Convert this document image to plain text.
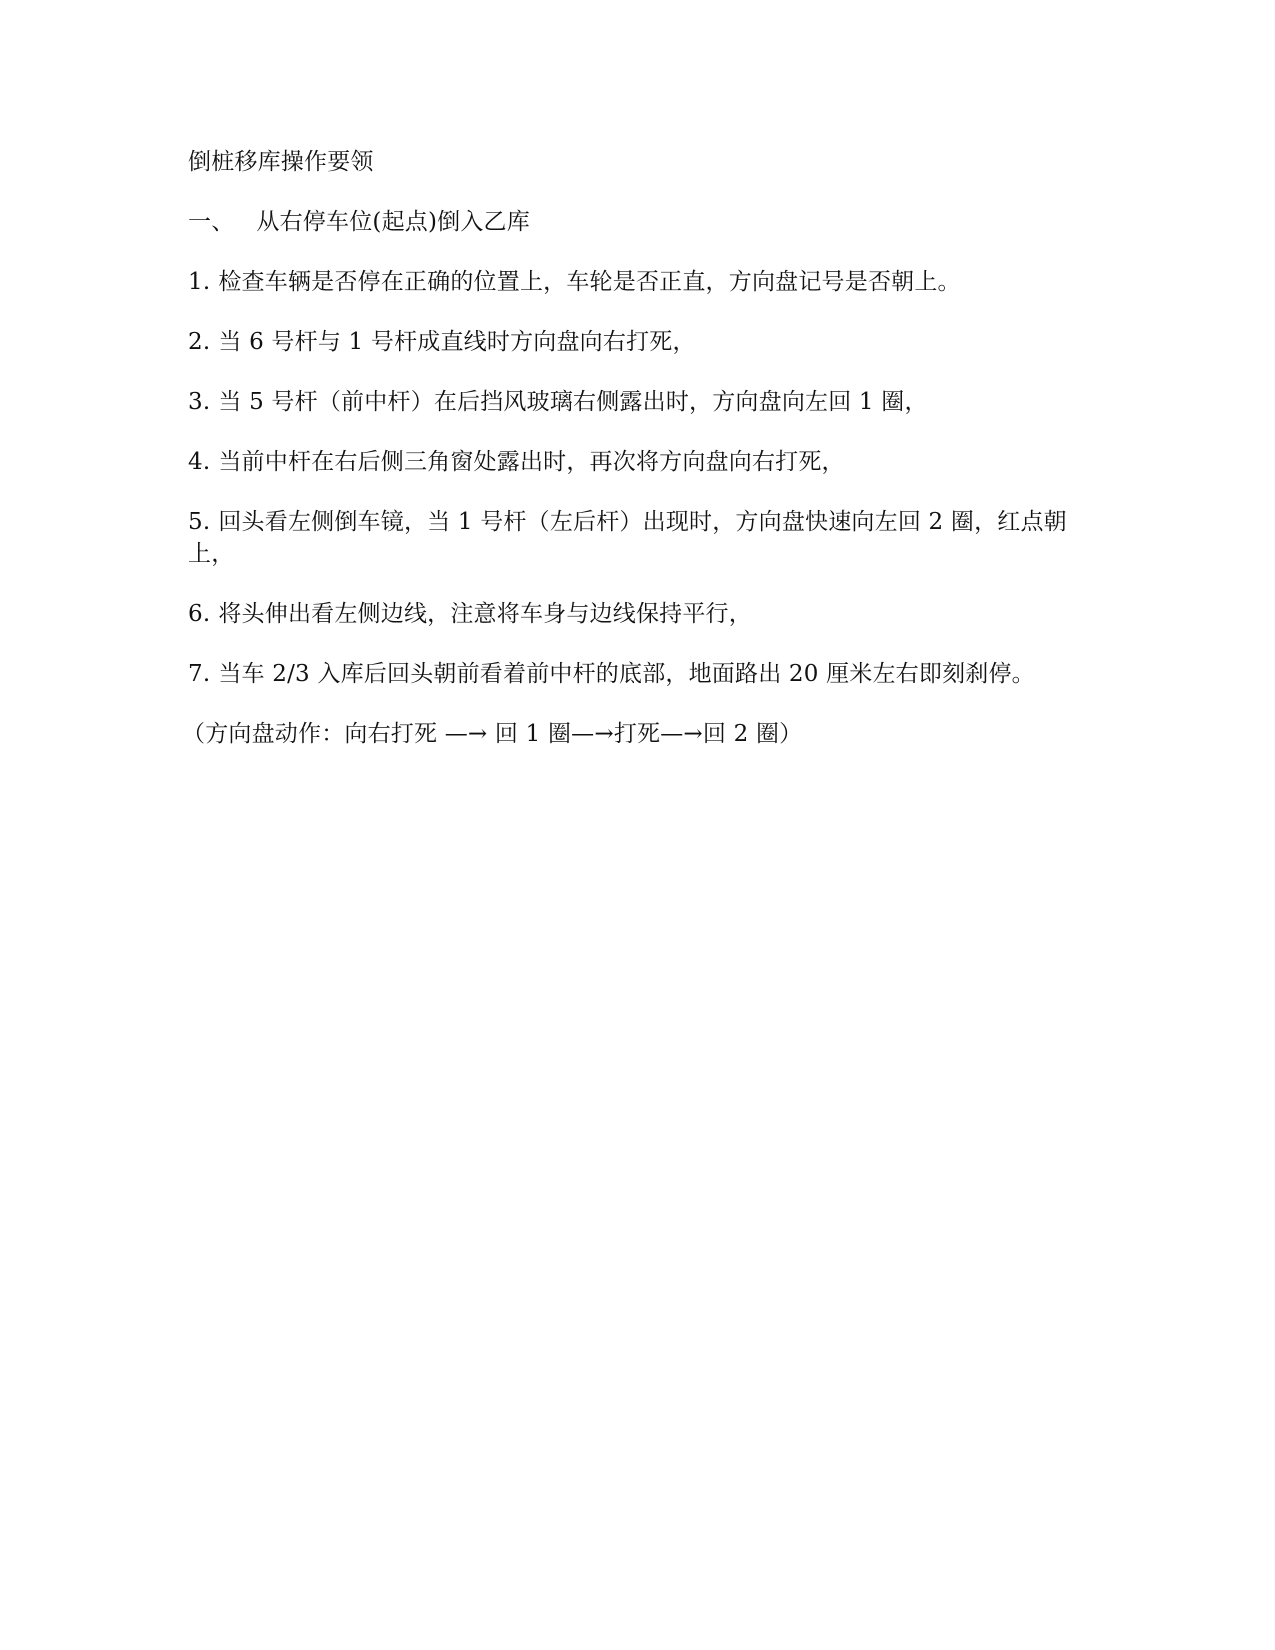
倒桩移库操作要领

一、 从右停车位(起点)倒入乙库

1. 检查车辆是否停在正确的位置上，车轮是否正直，方向盘记号是否朝上。

2. 当 6 号杆与 1 号杆成直线时方向盘向右打死，

3. 当 5 号杆（前中杆）在后挡风玻璃右侧露出时，方向盘向左回 1 圈，

4. 当前中杆在右后侧三角窗处露出时，再次将方向盘向右打死，

5. 回头看左侧倒车镜，当 1 号杆（左后杆）出现时，方向盘快速向左回 2 圈，红点朝上，

6. 将头伸出看左侧边线，注意将车身与边线保持平行，

7. 当车 2/3 入库后回头朝前看着前中杆的底部，地面路出 20 厘米左右即刻刹停。

（方向盘动作：向右打死 —→ 回 1 圈—→打死—→回 2 圈）
